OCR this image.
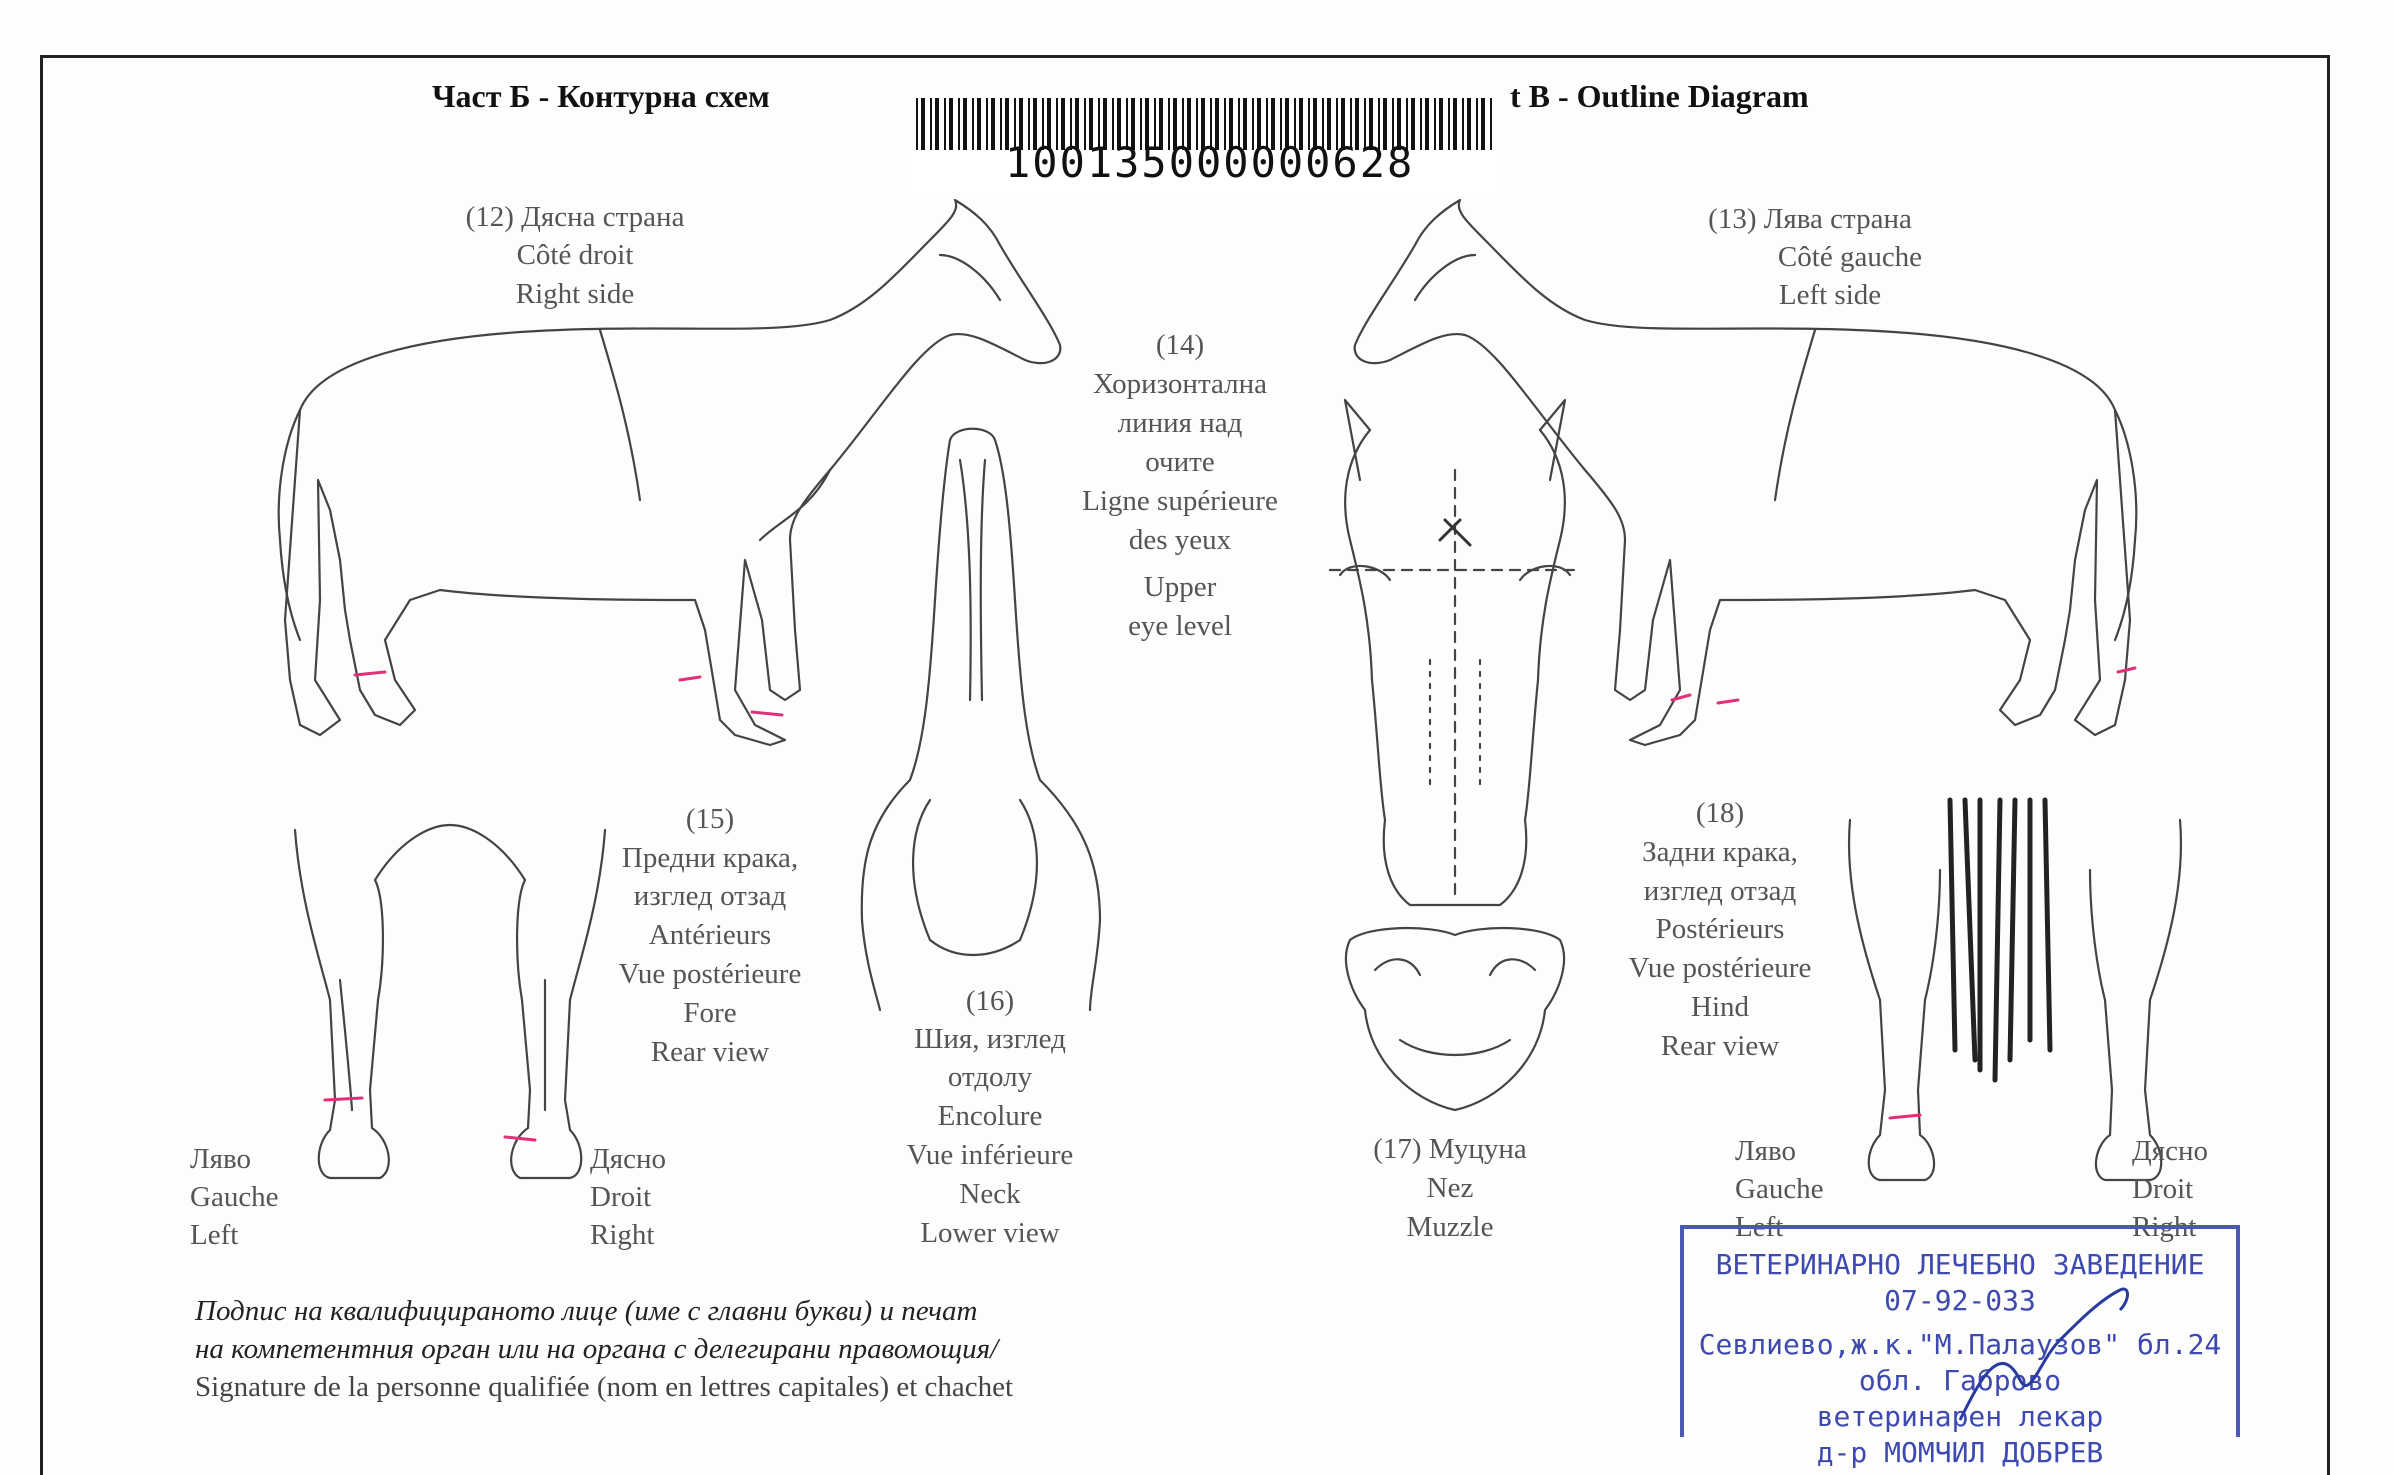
Част Б - Контурна схем	t B - Outline Diagram
100135000000628
(12) Дясна страна
Côté droit
Right side
(13) Лява страна
Côté gauche
Left side
(14)
Хоризонтална
линия над
очите
Ligne supérieure
des yeux
Upper
eye level
(15)
Предни крака,
изглед отзад
Antérieurs
Vue postérieure
Fore
Rear view
(16)
Шия, изглед
отдолу
Encolure
Vue inférieure
Neck
Lower view
(17) Муцуна
Nez
Muzzle
(18)
Задни крака,
изглед отзад
Postérieurs
Vue postérieure
Hind
Rear view
Ляво
Gauche
Left
Дясно
Droit
Right
Ляво
Gauche
Left
Дясно
Droit
Right
Подпис на квалифицираното лице (име с главни букви) и печат
на компетентния орган или на органа с делегирани правомощия/
Signature de la personne qualifiée (nom en lettres capitales) et chachet
ВЕТЕРИНАРНО ЛЕЧЕБНО ЗАВЕДЕНИЕ
07-92-033
Севлиево,ж.к."М.Палаузов" бл.24
обл. Габрово
ветеринарен лекар
д-р МОМЧИЛ ДОБРЕВ
